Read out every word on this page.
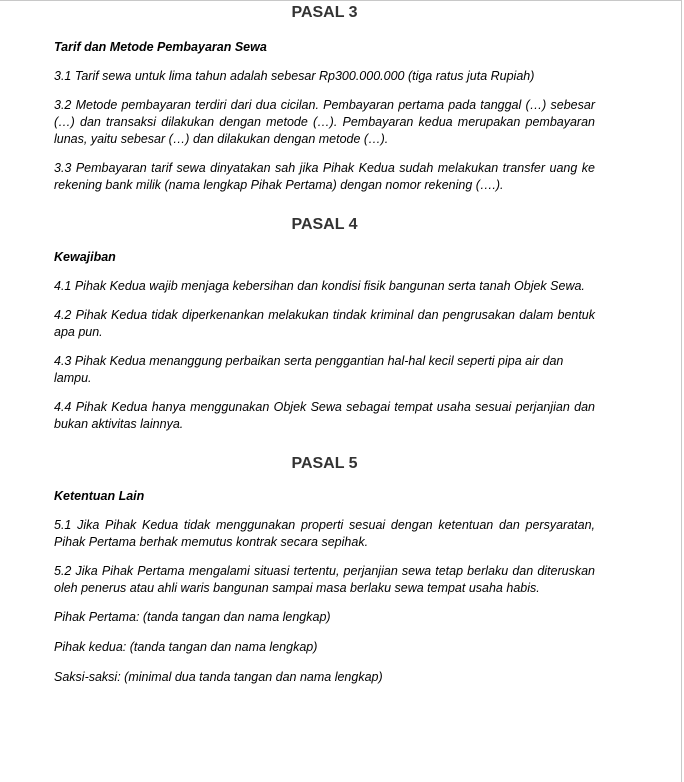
PASAL 3

Tarif dan Metode Pembayaran Sewa

3.1 Tarif sewa untuk lima tahun adalah sebesar Rp300.000.000 (tiga ratus juta Rupiah)

3.2 Metode pembayaran terdiri dari dua cicilan. Pembayaran pertama pada tanggal (…) sebesar (…) dan transaksi dilakukan dengan metode (…). Pembayaran kedua merupakan pembayaran lunas, yaitu sebesar (…) dan dilakukan dengan metode (…).

3.3 Pembayaran tarif sewa dinyatakan sah jika Pihak Kedua sudah melakukan transfer uang ke rekening bank milik (nama lengkap Pihak Pertama) dengan nomor rekening (….).

PASAL 4

Kewajiban

4.1 Pihak Kedua wajib menjaga kebersihan dan kondisi fisik bangunan serta tanah Objek Sewa.

4.2 Pihak Kedua tidak diperkenankan melakukan tindak kriminal dan pengrusakan dalam bentuk apa pun.

4.3 Pihak Kedua menanggung perbaikan serta penggantian hal-hal kecil seperti pipa air dan lampu.

4.4 Pihak Kedua hanya menggunakan Objek Sewa sebagai tempat usaha sesuai perjanjian dan bukan aktivitas lainnya.

PASAL 5

Ketentuan Lain

5.1 Jika Pihak Kedua tidak menggunakan properti sesuai dengan ketentuan dan persyaratan, Pihak Pertama berhak memutus kontrak secara sepihak.

5.2 Jika Pihak Pertama mengalami situasi tertentu, perjanjian sewa tetap berlaku dan diteruskan oleh penerus atau ahli waris bangunan sampai masa berlaku sewa tempat usaha habis.

Pihak Pertama: (tanda tangan dan nama lengkap)

Pihak kedua: (tanda tangan dan nama lengkap)

Saksi-saksi: (minimal dua tanda tangan dan nama lengkap)
